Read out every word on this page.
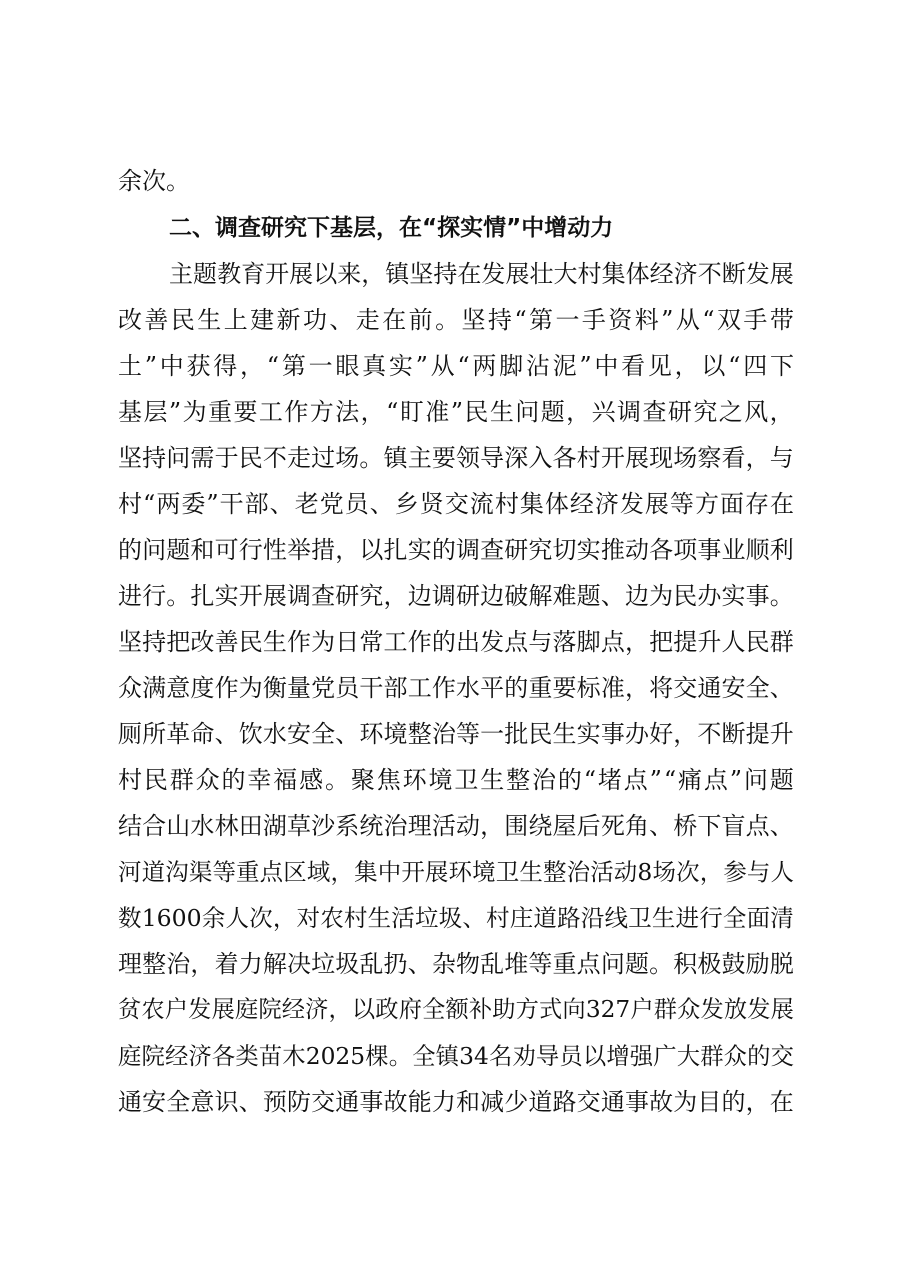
余次。
二、调查研究下基层，在“探实情”中增动力
主 题 教 育 开 展 以 来 ， 镇 坚 持 在 发 展 壮 大 村 集 体 经 济 不 断 发 展
改 善 民 生 上 建 新 功 、 走 在 前 。 坚 持 “ 第 一 手 资 料 ” 从 “ 双 手 带
土 ” 中 获 得 ， “ 第 一 眼 真 实 ” 从 “ 两 脚 沾 泥 ” 中 看 见 ， 以 “ 四 下
基 层 ” 为 重 要 工 作 方 法 ， “ 盯 准 ” 民 生 问 题 ， 兴 调 查 研 究 之 风 ，
坚 持 问 需 于 民 不 走 过 场 。 镇 主 要 领 导 深 入 各 村 开 展 现 场 察 看 ， 与
村 “ 两 委 ” 干 部 、 老 党 员 、 乡 贤 交 流 村 集 体 经 济 发 展 等 方 面 存 在
的 问 题 和 可 行 性 举 措 ， 以 扎 实 的 调 查 研 究 切 实 推 动 各 项 事 业 顺 利
进 行 。 扎 实 开 展 调 查 研 究 ， 边 调 研 边 破 解 难 题 、 边 为 民 办 实 事 。
坚 持 把 改 善 民 生 作 为 日 常 工 作 的 出 发 点 与 落 脚 点 ， 把 提 升 人 民 群
众 满 意 度 作 为 衡 量 党 员 干 部 工 作 水 平 的 重 要 标 准 ， 将 交 通 安 全 、
厕 所 革 命 、 饮 水 安 全 、 环 境 整 治 等 一 批 民 生 实 事 办 好 ， 不 断 提 升
村 民 群 众 的 幸 福 感 。 聚 焦 环 境 卫 生 整 治 的 “ 堵 点 ” “ 痛 点 ” 问 题
结 合 山 水 林 田 湖 草 沙 系 统 治 理 活 动 ， 围 绕 屋 后 死 角 、 桥 下 盲 点 、
河 道 沟 渠 等 重 点 区 域 ， 集 中 开 展 环 境 卫 生 整 治 活 动 8 场 次 ， 参 与 人
数 1600 余 人 次 ， 对 农 村 生 活 垃 圾 、 村 庄 道 路 沿 线 卫 生 进 行 全 面 清
理 整 治 ， 着 力 解 决 垃 圾 乱 扔 、 杂 物 乱 堆 等 重 点 问 题 。 积 极 鼓 励 脱
贫 农 户 发 展 庭 院 经 济 ， 以 政 府 全 额 补 助 方 式 向 327 户 群 众 发 放 发 展
庭 院 经 济 各 类 苗 木 2025 棵 。 全 镇 34 名 劝 导 员 以 增 强 广 大 群 众 的 交
通 安 全 意 识 、 预 防 交 通 事 故 能 力 和 减 少 道 路 交 通 事 故 为 目 的 ， 在
